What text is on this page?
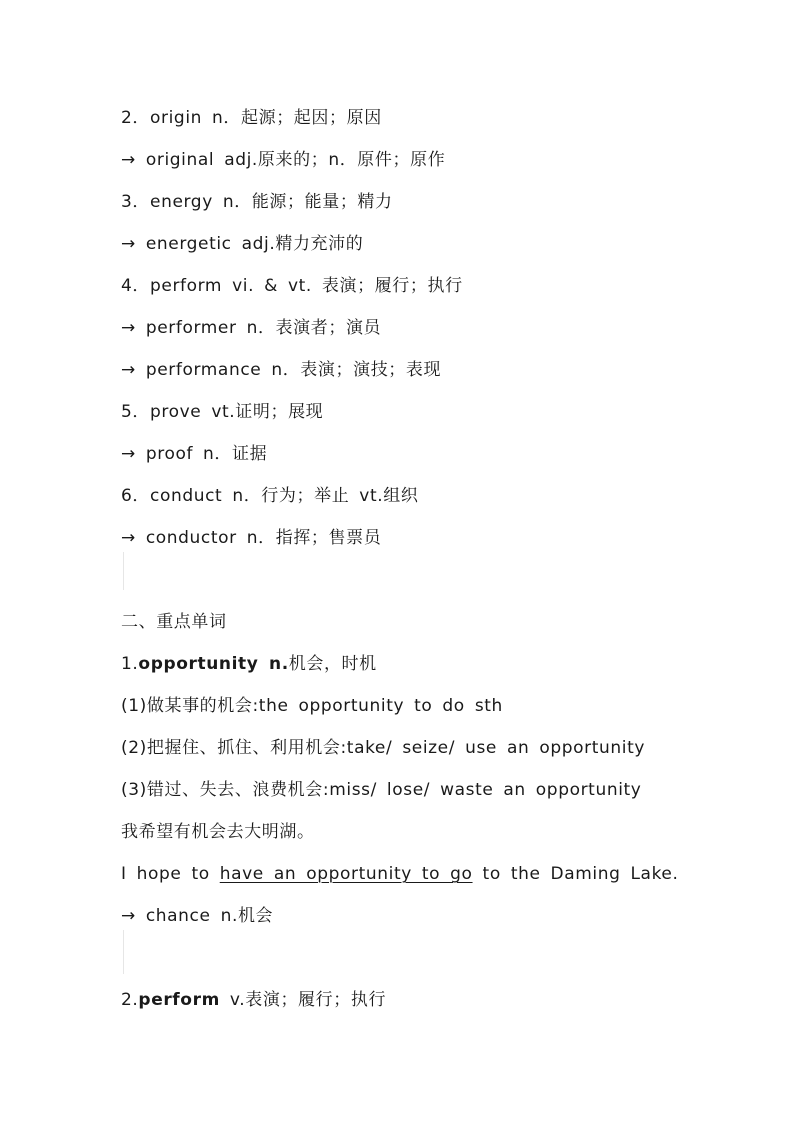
2．origin n．起源；起因；原因
→ original adj.原来的；n．原件；原作
3．energy n．能源；能量；精力
→ energetic adj.精力充沛的
4．perform vi. & vt. 表演；履行；执行
→ performer n．表演者；演员
→ performance n．表演；演技；表现
5．prove vt.证明；展现
→ proof n．证据
6．conduct n．行为；举止 vt.组织
→ conductor n．指挥；售票员
二、重点单词
1.opportunity n.机会，时机
(1)做某事的机会:the opportunity to do sth
(2)把握住、抓住、利用机会:take/ seize/ use an opportunity
(3)错过、失去、浪费机会:miss/ lose/ waste an opportunity
我希望有机会去大明湖。
I hope to have an opportunity to go to the Daming Lake.
→ chance n.机会
2.perform v.表演；履行；执行
